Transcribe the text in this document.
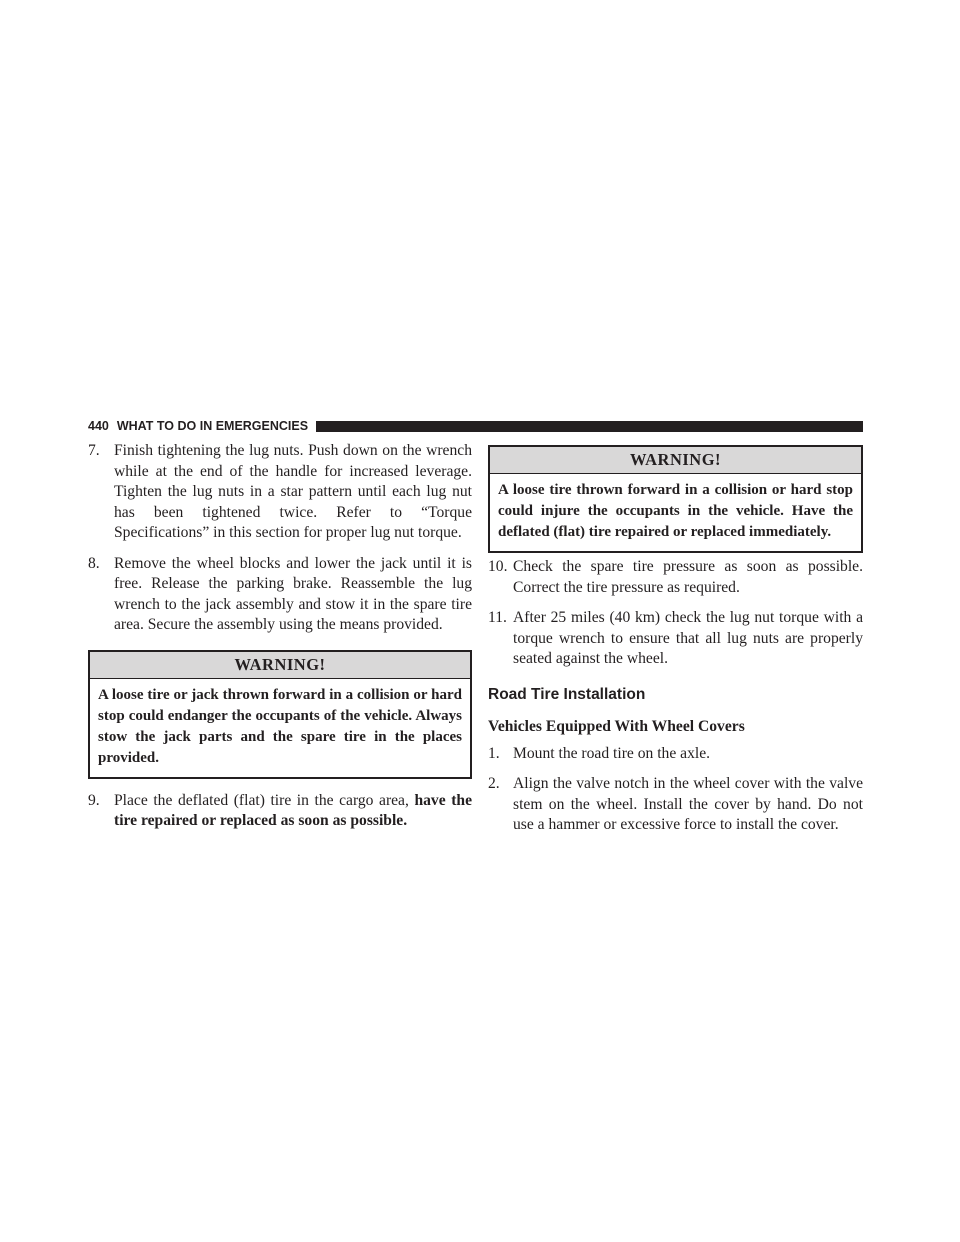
440 WHAT TO DO IN EMERGENCIES

7. Finish tightening the lug nuts. Push down on the wrench while at the end of the handle for increased leverage. Tighten the lug nuts in a star pattern until each lug nut has been tightened twice. Refer to “Torque Specifications” in this section for proper lug nut torque.

8. Remove the wheel blocks and lower the jack until it is free. Release the parking brake. Reassemble the lug wrench to the jack assembly and stow it in the spare tire area. Secure the assembly using the means provided.

WARNING!
A loose tire or jack thrown forward in a collision or hard stop could endanger the occupants of the vehicle. Always stow the jack parts and the spare tire in the places provided.

9. Place the deflated (flat) tire in the cargo area, have the tire repaired or replaced as soon as possible.

WARNING!
A loose tire thrown forward in a collision or hard stop could injure the occupants in the vehicle. Have the deflated (flat) tire repaired or replaced immediately.

10. Check the spare tire pressure as soon as possible. Correct the tire pressure as required.

11. After 25 miles (40 km) check the lug nut torque with a torque wrench to ensure that all lug nuts are properly seated against the wheel.

Road Tire Installation
Vehicles Equipped With Wheel Covers

1. Mount the road tire on the axle.

2. Align the valve notch in the wheel cover with the valve stem on the wheel. Install the cover by hand. Do not use a hammer or excessive force to install the cover.
